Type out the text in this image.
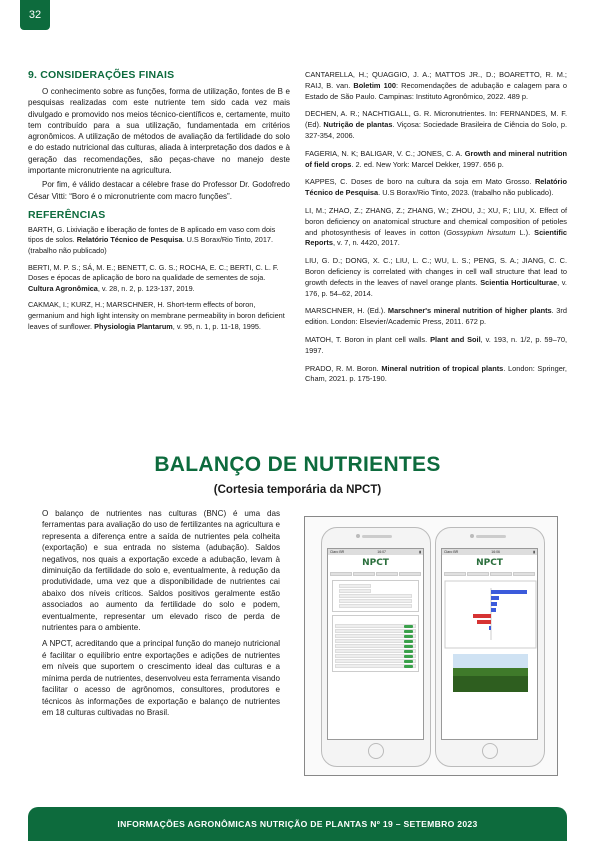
32
9. CONSIDERAÇÕES FINAIS

O conhecimento sobre as funções, forma de utilização, fontes de B e pesquisas realizadas com este nutriente tem sido cada vez mais divulgado e promovido nos meios técnico-científicos e, certamente, muito tem contribuído para a sua utilização, fundamentada em critérios agronômicos. A utilização de métodos de avaliação da fertilidade do solo e do estado nutricional das culturas, aliada à interpretação dos dados e à geração das recomendações, são peças-chave no manejo deste importante micronutriente na agricultura.

Por fim, é válido destacar a célebre frase do Professor Dr. Godofredo César Vitti: “Boro é o micronutriente com macro funções”.

REFERÊNCIAS

BARTH, G. Lixiviação e liberação de fontes de B aplicado em vaso com dois tipos de solos. Relatório Técnico de Pesquisa. U.S Borax/Rio Tinto, 2017. (trabalho não publicado)

BERTI, M. P. S.; SÁ, M. E.; BENETT, C. G. S.; ROCHA, E. C.; BERTI, C. L. F. Doses e épocas de aplicação de boro na qualidade de sementes de soja. Cultura Agronômica, v. 28, n. 2, p. 123-137, 2019.

CAKMAK, I.; KURZ, H.; MARSCHNER, H. Short-term effects of boron, germanium and high light intensity on membrane permeability in boron deficient leaves of sunflower. Physiologia Plantarum, v. 95, n. 1, p. 11-18, 1995.

CANTARELLA, H.; QUAGGIO, J. A.; MATTOS JR., D.; BOARETTO, R. M.; RAIJ, B. van. Boletim 100: Recomendações de adubação e calagem para o Estado de São Paulo. Campinas: Instituto Agronômico, 2022. 489 p.

DECHEN, A. R.; NACHTIGALL, G. R. Micronutrientes. In: FERNANDES, M. F. (Ed). Nutrição de plantas. Viçosa: Sociedade Brasileira de Ciência do Solo, p. 327-354, 2006.

FAGERIA, N. K; BALIGAR, V. C.; JONES, C. A. Growth and mineral nutrition of field crops. 2. ed. New York: Marcel Dekker, 1997. 656 p.

KAPPES, C. Doses de boro na cultura da soja em Mato Grosso. Relatório Técnico de Pesquisa. U.S Borax/Rio Tinto, 2023. (trabalho não publicado).

LI, M.; ZHAO, Z.; ZHANG, Z.; ZHANG, W.; ZHOU, J.; XU, F.; LIU, X. Effect of boron deficiency on anatomical structure and chemical composition of petioles and photosynthesis of leaves in cotton (Gossypium hirsutum L.). Scientific Reports, v. 7, n. 4420, 2017.

LIU, G. D.; DONG, X. C.; LIU, L. C.; WU, L. S.; PENG, S. A.; JIANG, C. C. Boron deficiency is correlated with changes in cell wall structure that lead to growth defects in the leaves of navel orange plants. Scientia Horticulturae, v. 176, p. 54–62, 2014.

MARSCHNER, H. (Ed.). Marschner's mineral nutrition of higher plants. 3rd edition. London: Elsevier/Academic Press, 2011. 672 p.

MATOH, T. Boron in plant cell walls. Plant and Soil, v. 193, n. 1/2, p. 59–70, 1997.

PRADO, R. M. Boron. Mineral nutrition of tropical plants. London: Springer, Cham, 2021. p. 175-190.

BALANÇO DE NUTRIENTES
(Cortesia temporária da NPCT)

O balanço de nutrientes nas culturas (BNC) é uma das ferramentas para avaliação do uso de fertilizantes na agricultura e representa a diferença entre a saída de nutrientes pela colheita (exportação) e sua entrada no sistema (adubação). Saldos negativos, nos quais a exportação excede a adubação, levam à diminuição da fertilidade do solo e, eventualmente, à redução da produtividade, uma vez que a disponibilidade de nutrientes cai abaixo dos níveis críticos. Saldos positivos geralmente estão associados ao aumento da fertilidade do solo e podem, eventualmente, representar um elevado risco de perda de nutrientes para o ambiente.

A NPCT, acreditando que a principal função do manejo nutricional é facilitar o equilíbrio entre exportações e adições de nutrientes em níveis que suportem o crescimento ideal das culturas e a mínima perda de nutrientes, desenvolveu esta ferramenta visando facilitar o acesso de agrônomos, consultores, produtores e técnicos às informações de exportação e balanço de nutrientes em 18 culturas cultivadas no Brasil.

Claro BR	16:07	▮
NPCT
Claro BR	16:06	▮
NPCT
INFORMAÇÕES AGRONÔMICAS NUTRIÇÃO DE PLANTAS Nº 19 – SETEMBRO 2023
